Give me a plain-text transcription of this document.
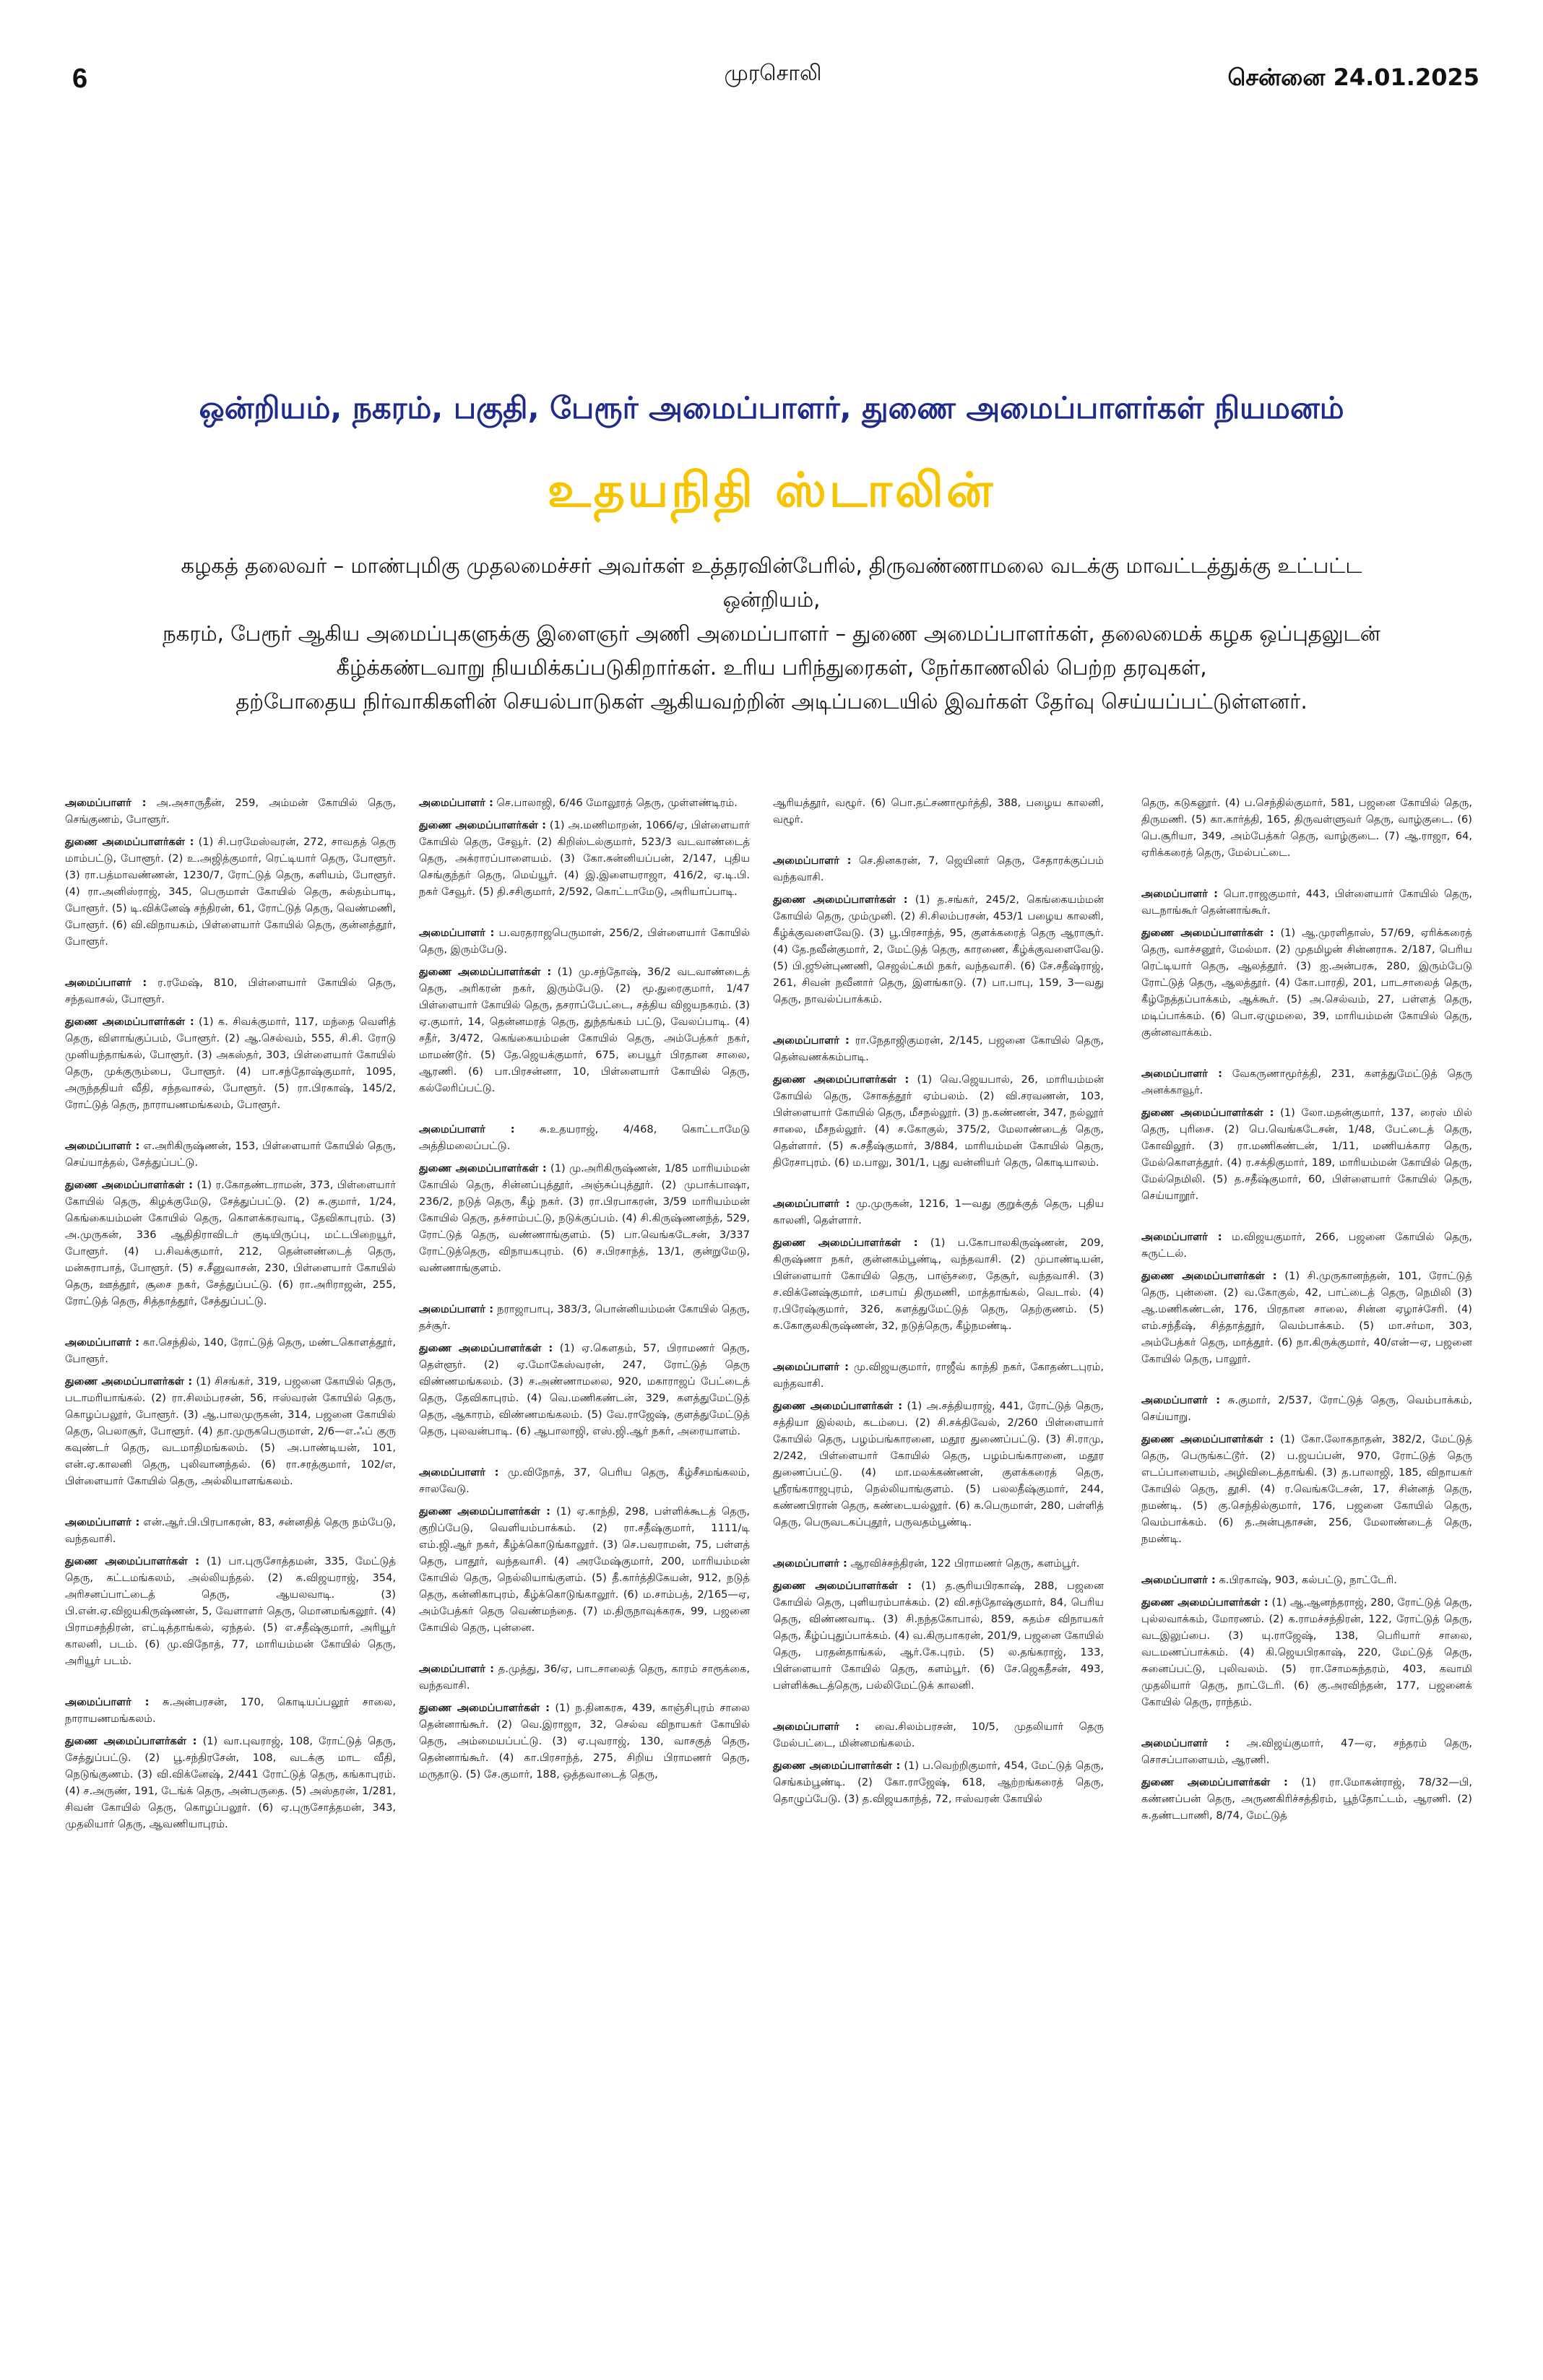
6	முரசொலி	சென்னை 24.01.2025
ஒன்றியம், நகரம், பகுதி, பேரூர் அமைப்பாளர், துணை அமைப்பாளர்கள் நியமனம்
உதயநிதி ஸ்டாலின்

கழகத் தலைவர் – மாண்புமிகு முதலமைச்சர் அவர்கள் உத்தரவின்பேரில், திருவண்ணாமலை வடக்கு மாவட்டத்துக்கு உட்பட்ட ஒன்றியம்,

நகரம், பேரூர் ஆகிய அமைப்புகளுக்கு இளைஞர் அணி அமைப்பாளர் – துணை அமைப்பாளர்கள், தலைமைக் கழக ஒப்புதலுடன்

கீழ்க்கண்டவாறு நியமிக்கப்படுகிறார்கள். உரிய பரிந்துரைகள், நேர்காணலில் பெற்ற தரவுகள்,

தற்போதைய நிர்வாகிகளின் செயல்பாடுகள் ஆகியவற்றின் அடிப்படையில் இவர்கள் தேர்வு செய்யப்பட்டுள்ளனர்.

அமைப்பாளர் : அ.அசாருதீன், 259, அம்மன் கோயில் தெரு, செங்குணம், போளூர்.

துணை அமைப்பாளர்கள் : (1) சி.பரமேஸ்வரன், 272, சாவதத் தெரு மாம்பட்டு, போளூர். (2) உ.அஜித்குமார், ரெட்டியார் தெரு, போளூர். (3) ரா.பத்மாவண்ணன், 1230/7, ரோட்டுத் தெரு, களியம், போளூர். (4) ரா.அனிஸ்ராஜ், 345, பெருமாள் கோயில் தெரு, சுல்தம்பாடி, போளூர். (5) டி.விக்னேஷ் சந்திரன், 61, ரோட்டுத் தெரு, வெண்மணி, போளூர். (6) வி.விநாயகம், பிள்ளையார் கோயில் தெரு, குன்னத்தூர், போளூர்.

அமைப்பாளர் : ர.ரமேஷ், 810, பிள்ளையார் கோயில் தெரு, சந்தவாசல், போளூர்.

துணை அமைப்பாளர்கள் : (1) க. சிவக்குமார், 117, மந்தை வெளித் தெரு, விளாங்குப்பம், போளூர். (2) ஆ.செல்வம், 555, சி.சி. ரோடு முனியந்தாங்கல், போளூர். (3) அகஸ்தர், 303, பிள்ளையார் கோயில் தெரு, முக்குரும்பை, போளூர். (4) பா.சந்தோஷ்குமார், 1095, அருந்ததியர் வீதி, சந்தவாசல், போளூர். (5) ரா.பிரகாஷ், 145/2, ரோட்டுத் தெரு, நாராயணமங்கலம், போளூர்.

அமைப்பாளர் : எ.அரிகிருஷ்ணன், 153, பிள்ளையார் கோயில் தெரு, செய்யாத்தல், சேத்துப்பட்டு.

துணை அமைப்பாளர்கள் : (1) ர.கோதண்டராமன், 373, பிள்ளையார் கோயில் தெரு, கிழக்குமேடு, சேத்துப்பட்டு. (2) சு.குமார், 1/24, கெங்கையம்மன் கோயில் தெரு, கொளக்கரவாடி, தேவிகாபுரம். (3) அ.முருகன், 336 ஆதிதிராவிடர் குடியிருப்பு, மட்டபிறையூர், போளூர். (4) ப.சிவக்குமார், 212, தென்னண்டைத் தெரு, மன்சுராபாத், போளூர். (5) ச.சீனுவாசன், 230, பிள்ளையார் கோயில் தெரு, ஊத்தூர், சூசை நகர், சேத்துப்பட்டு. (6) ரா.அரிராஜன், 255, ரோட்டுத் தெரு, சித்தாத்தூர், சேத்துப்பட்டு.

அமைப்பாளர் : கா.செந்தில், 140, ரோட்டுத் தெரு, மண்டகொளத்தூர், போளூர்.

துணை அமைப்பாளர்கள் : (1) சிசங்கர், 319, பஜனை கோயில் தெரு, படாமரியாங்கல். (2) ரா.சிலம்பரசன், 56, ஈஸ்வரன் கோயில் தெரு, கொழப்பலூர், போளூர். (3) ஆ.பாலமுருகன், 314, பஜனை கோயில் தெரு, பெலாசூர், போளூர். (4) தா.முருகபெருமாள், 2/6—எ.ஃப் குரு கவுண்டர் தெரு, வடமாதிமங்கலம். (5) அ.பாண்டியன், 101, என்.ஏ.காலனி தெரு, புலிவானந்தல். (6) ரா.சரத்குமார், 102/எ, பிள்ளையார் கோயில் தெரு, அல்லியாளங்கலம்.

அமைப்பாளர் : என்.ஆர்.பி.பிரபாகரன், 83, சன்னதித் தெரு நம்பேடு, வந்தவாசி.

துணை அமைப்பாளர்கள் : (1) பா.புருசோத்தமன், 335, மேட்டுத் தெரு, கட்டமங்கலம், அல்லியந்தல். (2) க.விஜயராஜ், 354, அரிசனப்பாட்டைத் தெரு, ஆயலவாடி. (3) பி.என்.ஏ.விஜயகிருஷ்ணன், 5, வேளாளர் தெரு, மொனமங்கலூர். (4) பிராமசந்திரன், எட்டித்தாங்கல், ஏந்தல். (5) எ.சதீஷ்குமார், அரியூர் காலனி, படம். (6) மு.விநோத், 77, மாரியம்மன் கோயில் தெரு, அரியூர் படம்.

அமைப்பாளர் : சு.அன்பரசன், 170, கொடியப்பலூர் சாலை, நாராயணமங்கலம்.

துணை அமைப்பாளர்கள் : (1) வா.புவராஜ், 108, ரோட்டுத் தெரு, சேத்துப்பட்டு. (2) பூ.சந்திரசேன், 108, வடக்கு மாட வீதி, நெடுங்குணம். (3) வி.விக்னேஷ், 2/441 ரோட்டுத் தெரு, கங்காபுரம். (4) ச.அருண், 191, டேங்க் தெரு, அன்பருதை. (5) அஸ்தரன், 1/281, சிவன் கோயில் தெரு, கொழப்பலூர். (6) ஏ.புருசோத்தமன், 343, முதலியார் தெரு, ஆவணியாபுரம்.

அமைப்பாளர் : செ.பாலாஜி, 6/46 மோலூரத் தெரு, முள்ளண்டிரம்.

துணை அமைப்பாளர்கள் : (1) அ.மணிமாறன், 1066/ஏ, பிள்ளையார் கோயில் தெரு, சேவூர். (2) கிறிஸ்டல்குமார், 523/3 வடவாண்டைத் தெரு, அக்ராரப்பாளையம். (3) கோ.சுன்னியப்பன், 2/147, புதிய செங்குந்தர் தெரு, மெய்யூர். (4) இ.இளையராஜா, 416/2, ஏ.டி.பி. நகர் சேவூர். (5) தி.சசிகுமார், 2/592, கொட்டாமேடு, அரியாப்பாடி.

அமைப்பாளர் : ப.வரதராஜபெருமாள், 256/2, பிள்ளையார் கோயில் தெரு, இரும்பேடு.

துணை அமைப்பாளர்கள் : (1) மு.சந்தோஷ், 36/2 வடவாண்டைத் தெரு, அரிகரன் நகர், இரும்பேடு. (2) மூ.துரைகுமார், 1/47 பிள்ளையார் கோயில் தெரு, தசராப்பேட்டை, சத்திய விஜயநகரம். (3) ஏ.குமார், 14, தென்னமரத் தெரு, துந்தங்கம் பட்டு, வேலப்பாடி. (4) சதீர், 3/472, கெங்கையம்மன் கோயில் தெரு, அம்பேத்கர் நகர், மாமண்டூர். (5) தே.ஜெயக்குமார், 675, பையூர் பிரதான சாலை, ஆரணி. (6) பா.பிரசன்னா, 10, பிள்ளையார் கோயில் தெரு, கல்லேரிப்பட்டு.

அமைப்பாளர் : சு.உதயராஜ், 4/468, கொட்டாமேடு அத்திமலைப்பட்டு.

துணை அமைப்பாளர்கள் : (1) மு.அரிகிருஷ்ணன், 1/85 மாரியம்மன் கோயில் தெரு, சின்னப்புத்தூர், அஞ்சுப்புத்தூர். (2) முபாக்பாஷா, 236/2, நடுத் தெரு, கீழ் நகர். (3) ரா.பிரபாகரன், 3/59 மாரியம்மன் கோயில் தெரு, தச்சாம்பட்டு, நடுக்குப்பம். (4) சி.கிருஷ்ணனந்த், 529, ரோட்டுத் தெரு, வண்ணாங்குளம். (5) பா.வெங்கடேசன், 3/337 ரோட்டுத்தெரு, விநாயகபுரம். (6) ச.பிரசாந்த், 13/1, குன்றுமேடு, வண்ணாங்குளம்.

அமைப்பாளர் : நராஜாபாபு, 383/3, பொன்னியம்மன் கோயில் தெரு, தச்சூர்.

துணை அமைப்பாளர்கள் : (1) ஏ.கௌதம், 57, பிராமணர் தெரு, தெள்ளூர். (2) ஏ.மோகேஸ்வரன், 247, ரோட்டுத் தெரு விண்ணமங்கலம். (3) ச.அண்ணாமலை, 920, மகாராஜப் பேட்டைத் தெரு, தேவிகாபுரம். (4) வெ.மணிகண்டன், 329, களத்துமேட்டுத் தெரு, ஆகாரம், விண்ணமங்கலம். (5) வே.ராஜேஷ், குளத்துமேட்டுத் தெரு, புலவன்பாடி. (6) ஆபாலாஜி, எஸ்.ஜி.ஆர் நகர், அரையாளம்.

அமைப்பாளர் : மு.விநோத், 37, பெரிய தெரு, கீழ்சீசமங்கலம், சாலவேடு.

துணை அமைப்பாளர்கள் : (1) ஏ.காந்தி, 298, பள்ளிக்கூடத் தெரு, குறிப்பேடு, வெளியம்பாக்கம். (2) ரா.சதீஷ்குமார், 1111/டி எம்.ஜி.ஆர் நகர், கீழ்க்கொடுங்காலூர். (3) செ.பவராமன், 75, பள்ளத் தெரு, பாதூர், வந்தவாசி. (4) அரமேஷ்குமார், 200, மாரியம்மன் கோயில் தெரு, நெல்லியாங்குளம். (5) தீ.கார்த்திகேயன், 912, நடுத் தெரு, கன்னிகாபுரம், கீழ்க்கொடுங்காலூர். (6) ம.சாம்பத், 2/165—ஏ, அம்பேத்கர் தெரு வெண்மந்தை. (7) ம.திருநாவுக்கரசு, 99, பஜனை கோயில் தெரு, புன்னை.

அமைப்பாளர் : த.முத்து, 36/ஏ, பாடசாலைத் தெரு, காரம் சாரூக்கை, வந்தவாசி.

துணை அமைப்பாளர்கள் : (1) ந.தினகரசு, 439, காஞ்சிபுரம் சாலை தென்னாங்கூர். (2) வெ.இராஜா, 32, செல்வ விநாயகர் கோயில் தெரு, அம்மையப்பட்டு. (3) ஏ.புவராஜ், 130, வாசகுத் தெரு, தென்னாங்கூர். (4) கா.பிரசாந்த், 275, சிறிய பிராமணர் தெரு, மருதாடு. (5) சே.குமார், 188, ஒத்தவாடைத் தெரு,

ஆரியத்தூர், வழூர். (6) பொ.தட்சணாமூர்த்தி, 388, பழைய காலனி, வழூர்.

அமைப்பாளர் : செ.தினகரன், 7, ஜெயினர் தெரு, சேதாரக்குப்பம் வந்தவாசி.

துணை அமைப்பாளர்கள் : (1) த.சங்கர், 245/2, கெங்கையம்மன் கோயில் தெரு, மும்முனி. (2) சி.சிலம்பரசன், 453/1 பழைய காலனி, கீழ்க்குவளைவேடு. (3) பூ.பிரசாந்த், 95, குளக்கரைத் தெரு ஆராசூர். (4) தே.நவீன்குமார், 2, மேட்டுத் தெரு, காரணை, கீழ்க்குவளைவேடு. (5) பி.ஜூன்புணணி, செஜல்ட்சுமி நகர், வந்தவாசி. (6) சே.சதீஷ்ராஜ், 261, சிவன் நவீனார் தெரு, இளங்காடு. (7) பா.பாபு, 159, 3—வது தெரு, நாவல்ப்பாக்கம்.

அமைப்பாளர் : ரா.நேதாஜிகுமரன், 2/145, பஜனை கோயில் தெரு, தென்வணக்கம்பாடி.

துணை அமைப்பாளர்கள் : (1) வெ.ஜெயபால், 26, மாரியம்மன் கோயில் தெரு, சோகத்தூர் ஏம்பலம். (2) வி.சரவணன், 103, பிள்ளையார் கோயில் தெரு, மீசநல்லூர். (3) ந.கண்ணன், 347, நல்லூர் சாலை, மீசநல்லூர். (4) ச.கோகுல், 375/2, மேலாண்டைத் தெரு, தெள்ளார். (5) சு.சதீஷ்குமார், 3/884, மாரியம்மன் கோயில் தெரு, திரேசாபுரம். (6) ம.பாலு, 301/1, புது வன்னியர் தெரு, கொடியாலம்.

அமைப்பாளர் : மு.முருகன், 1216, 1—வது குறுக்குத் தெரு, புதிய காலனி, தெள்ளார்.

துணை அமைப்பாளர்கள் : (1) ப.கோபாலகிருஷ்ணன், 209, கிருஷ்ணா நகர், குன்னகம்பூண்டி, வந்தவாசி. (2) முபாண்டியன், பிள்ளையார் கோயில் தெரு, பாஞ்சரை, தேசூர், வந்தவாசி. (3) ச.விக்னேஷ்குமார், மசபாய் திருமணி, மாத்தாங்கல், வெடால். (4) ர.பிரேஷ்குமார், 326, களத்துமேட்டுத் தெரு, தெற்குணம். (5) க.கோகுலகிருஷ்ணன், 32, நடுத்தெரு, கீழ்நமண்டி.

அமைப்பாளர் : மு.விஜயகுமார், ராஜீவ் காந்தி நகர், கோதண்டபுரம், வந்தவாசி.

துணை அமைப்பாளர்கள் : (1) அ.சத்தியராஜ், 441, ரோட்டுத் தெரு, சத்தியா இல்லம், கடம்பை. (2) சி.சக்திவேல், 2/260 பிள்ளையார் கோயில் தெரு, பழம்பங்காரனை, மதூர துணைப்பட்டு. (3) சி.ராமு, 2/242, பிள்ளையார் கோயில் தெரு, பழம்பங்காரனை, மதூர துணைப்பட்டு. (4) மா.மலக்கண்ணன், குளக்கரைத் தெரு, ஸ்ரீரங்கராஜபுரம், நெல்லியாங்குளம். (5) பலலதீஷ்குமார், 244, கண்ணபிரான் தெரு, கண்டையல்லூர். (6) க.பெருமாள், 280, பள்ளித் தெரு, பெருவடகப்புதூர், பருவதம்பூண்டி.

அமைப்பாளர் : ஆரவிச்சந்திரன், 122 பிராமணர் தெரு, களம்பூர்.

துணை அமைப்பாளர்கள் : (1) த.சூரியபிரகாஷ், 288, பஜனை கோயில் தெரு, புளியரம்பாக்கம். (2) வி.சந்தோஷ்குமார், 84, பெரிய தெரு, விண்ணவாடி. (3) சி.நந்தகோபால், 859, சுதம்ச விநாயகர் தெரு, கீழ்ப்புதுப்பாக்கம். (4) வ.கிருபாகரன், 201/9, பஜனை கோயில் தெரு, பரதன்தாங்கல், ஆர்.கே.புரம். (5) ல.தங்கராஜ், 133, பிள்ளையார் கோயில் தெரு, களம்பூர். (6) சே.ஜெகதீசன், 493, பள்ளிக்கூடத்தெரு, பல்லிமேட்டுக் காலனி.

அமைப்பாளர் : வை.சிலம்பரசன், 10/5, முதலியார் தெரு மேல்பட்டை, மின்னமங்கலம்.

துணை அமைப்பாளர்கள் : (1) ப.வெற்றிகுமார், 454, மேட்டுத் தெரு, செங்கம்பூண்டி. (2) கோ.ராஜேஷ், 618, ஆற்றங்கரைத் தெரு, தொழுப்பேடு. (3) த.விஜயகாந்த், 72, ஈஸ்வரன் கோயில்

தெரு, கடுகனூர். (4) ப.செந்தில்குமார், 581, பஜனை கோயில் தெரு, திருமணி. (5) கா.கார்த்தி, 165, திருவள்ளுவர் தெரு, வாழ்குடை. (6) பெ.சூரியா, 349, அம்பேத்கர் தெரு, வாழ்குடை. (7) ஆ.ராஜா, 64, ஏரிக்கரைத் தெரு, மேல்பட்டை.

அமைப்பாளர் : பொ.ராஜகுமார், 443, பிள்ளையார் கோயில் தெரு, வடநாங்கூர் தென்னாங்கூர்.

துணை அமைப்பாளர்கள் : (1) ஆ.முரளிதாஸ், 57/69, ஏரிக்கரைத் தெரு, வாச்சனூர், மேல்மா. (2) முதமிழன் சின்னராசு. 2/187, பெரிய ரெட்டியார் தெரு, ஆலத்தூர். (3) ஐ.அன்பரசு, 280, இரும்பேடு ரோட்டுத் தெரு, ஆலத்தூர். (4) கோ.பாரதி, 201, பாடசாலைத் தெரு, கீழ்நேத்தப்பாக்கம், ஆக்கூர். (5) அ.செல்வம், 27, பள்ளத் தெரு, மடிப்பாக்கம். (6) பொ.ஏழுமலை, 39, மாரியம்மன் கோயில் தெரு, குன்னவாக்கம்.

அமைப்பாளர் : வேகருணாமூர்த்தி, 231, களத்துமேட்டுத் தெரு அனக்காவூர்.

துணை அமைப்பாளர்கள் : (1) லோ.மதன்குமார், 137, ரைஸ் மில் தெரு, புரிசை. (2) பெ.வெங்கடேசன், 1/48, பேட்டைத் தெரு, கோவிலூர். (3) ரா.மணிகண்டன், 1/11, மணியக்கார தெரு, மேல்கொளத்தூர். (4) ர.சக்திகுமார், 189, மாரியம்மன் கோயில் தெரு, மேல்நெமிலி. (5) த.சதீஷ்குமார், 60, பிள்ளையார் கோயில் தெரு, செய்யாறூர்.

அமைப்பாளர் : ம.விஜயகுமார், 266, பஜனை கோயில் தெரு, சுருட்டல்.

துணை அமைப்பாளர்கள் : (1) சி.முருகானந்தன், 101, ரோட்டுத் தெரு, புன்னை. (2) வ.கோகுல், 42, பாட்டைத் தெரு, நெமிலி (3) ஆ.மணிகண்டன், 176, பிரதான சாலை, சின்ன ஏழாச்சேரி. (4) எம்.சந்தீஷ், சித்தாத்தூர், வெம்பாக்கம். (5) மா.சர்மா, 303, அம்பேத்கர் தெரு, மாத்தூர். (6) நா.கிருக்குமார், 40/என்—ஏ, பஜனை கோயில் தெரு, பாலூர்.

அமைப்பாளர் : சு.குமார், 2/537, ரோட்டுத் தெரு, வெம்பாக்கம், செய்யாறு.

துணை அமைப்பாளர்கள் : (1) கோ.லோகநாதன், 382/2, மேட்டுத் தெரு, பெருங்கட்டூர். (2) ப.ஜயப்பன், 970, ரோட்டுத் தெரு எடப்பாளையம், அழிவிடைத்தாங்கி. (3) த.பாலாஜி, 185, விநாயகர் கோயில் தெரு, தூசி. (4) ர.வெங்கடேசன், 17, சின்னத் தெரு, நமண்டி. (5) கு.செந்தில்குமார், 176, பஜனை கோயில் தெரு, வெம்பாக்கம். (6) த.அன்புதாசன், 256, மேலாண்டைத் தெரு, நமண்டி.

அமைப்பாளர் : க.பிரகாஷ், 903, கல்பட்டு, நாட்டேரி.

துணை அமைப்பாளர்கள் : (1) ஆ.ஆனந்தராஜ், 280, ரோட்டுத் தெரு, புல்லவாக்கம், மோரணம். (2) க.ராமச்சந்திரன், 122, ரோட்டுத் தெரு, வடஇலுப்பை. (3) யு.ராஜேஷ், 138, பெரியார் சாலை, வடமணப்பாக்கம். (4) கி.ஜெயபிரகாஷ், 220, மேட்டுத் தெரு, சுனைப்பட்டு, புலிவலம். (5) ரா.சோமசுந்தரம், 403, கவாமி முதலியார் தெரு, நாட்டேரி. (6) கு.அரவிந்தன், 177, பஜனைக் கோயில் தெரு, ராந்தம்.

அமைப்பாளர் : அ.விஜய்குமார், 47—ஏ, சந்தரம் தெரு, சொசப்பாளையம், ஆரணி.

துணை அமைப்பாளர்கள் : (1) ரா.மோகன்ராஜ், 78/32—பி, கண்ணப்பன் தெரு, அருணகிரிச்சத்திரம், பூந்தோட்டம், ஆரணி. (2) சு.தண்டபாணி, 8/74, மேட்டுத்
